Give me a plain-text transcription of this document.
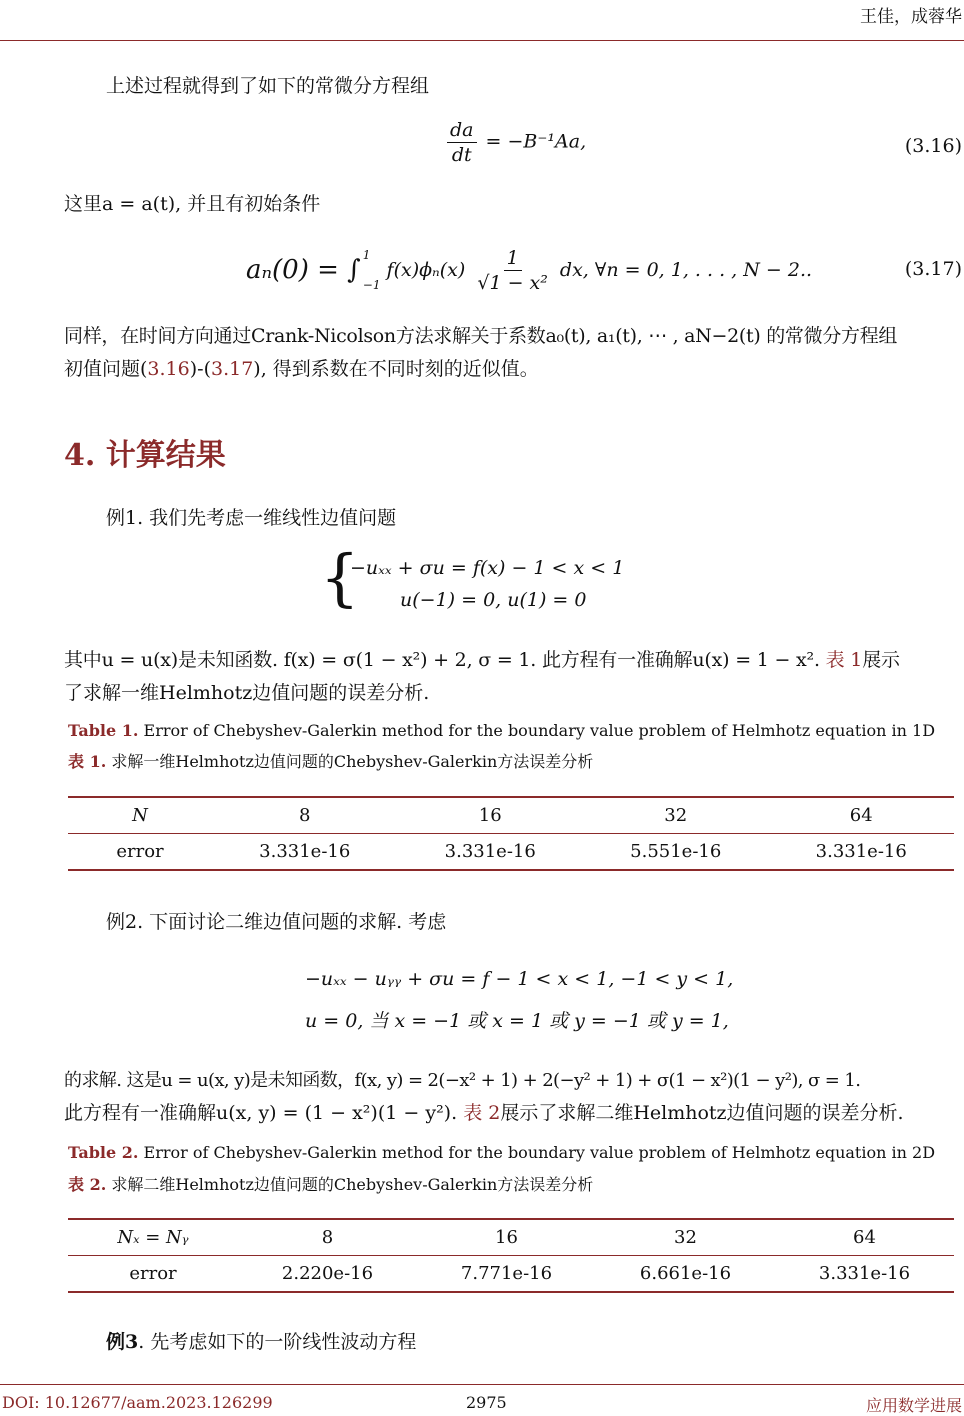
王佳，成蓉华
上述过程就得到了如下的常微分方程组
$\frac{da}{dt} = -B^{-1}Aa$,	(3.16)
这里a = a(t), 并且有初始条件
aₙ(0) = ∫ 1
−1
$f(x)\phi_n(x) \frac{1}{\text{√1 − x²}}$ dx, ∀n = 0, 1, . . . , N − 2..	(3.17)
同样，在时间方向通过Crank-Nicolson方法求解关于系数a₀(t), a₁(t), ⋯ , aN−2(t) 的常微分方程组
初值问题(3.16)-(3.17), 得到系数在不同时刻的近似值。
4. 计算结果
例1. 我们先考虑一维线性边值问题
{
−uₓₓ + σu = f(x) − 1 < x < 1
u(−1) = 0, u(1) = 0
其中u = u(x)是未知函数. f(x) = σ(1 − x²) + 2, σ = 1. 此方程有一准确解u(x) = 1 − x². 表 1展示
了求解一维Helmhotz边值问题的误差分析.
Table 1. Error of Chebyshev-Galerkin method for the boundary value problem of Helmhotz equation in 1D
表 1. 求解一维Helmhotz边值问题的Chebyshev-Galerkin方法误差分析
N	8	16	32	64
error	3.331e-16	3.331e-16	5.551e-16	3.331e-16
例2. 下面讨论二维边值问题的求解. 考虑
−uₓₓ − uᵧᵧ + σu = f − 1 < x < 1, −1 < y < 1,
u = 0, 当 x = −1 或 x = 1 或 y = −1 或 y = 1,
的求解. 这是u = u(x, y)是未知函数，f(x, y) = 2(−x² + 1) + 2(−y² + 1) + σ(1 − x²)(1 − y²), σ = 1.
此方程有一准确解u(x, y) = (1 − x²)(1 − y²). 表 2展示了求解二维Helmhotz边值问题的误差分析.
Table 2. Error of Chebyshev-Galerkin method for the boundary value problem of Helmhotz equation in 2D
表 2. 求解二维Helmhotz边值问题的Chebyshev-Galerkin方法误差分析
Nₓ = Nᵧ	8	16	32	64
error	2.220e-16	7.771e-16	6.661e-16	3.331e-16
例3. 先考虑如下的一阶线性波动方程
DOI: 10.12677/aam.2023.126299	2975	应用数学进展
